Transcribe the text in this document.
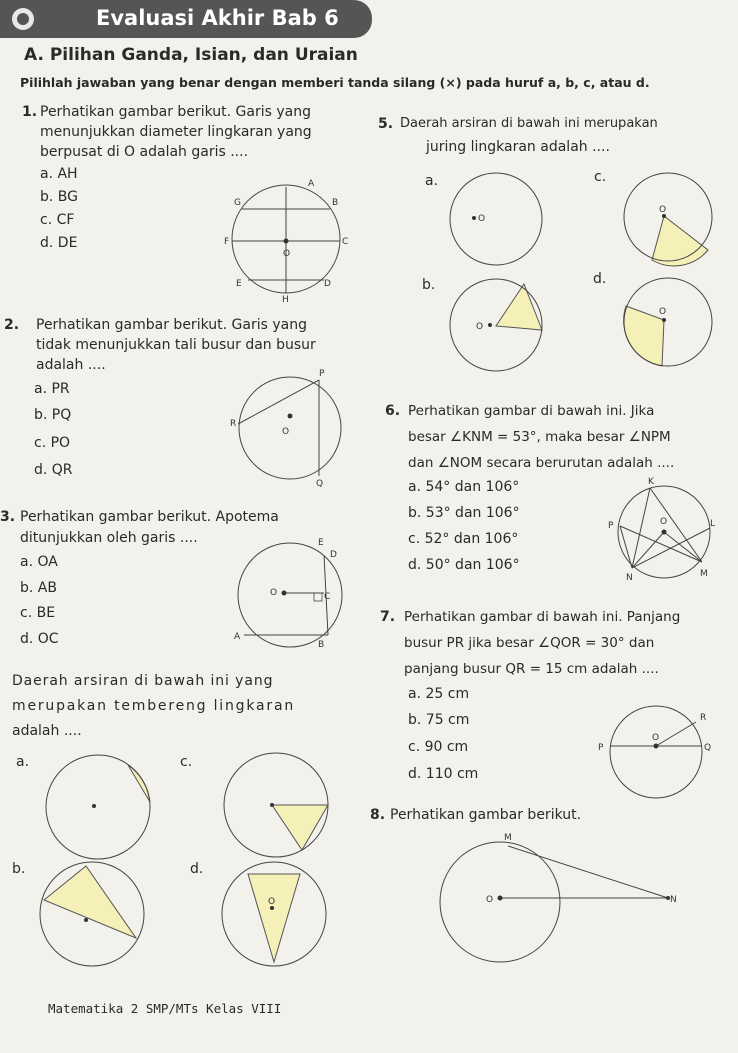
Evaluasi Akhir Bab 6
A. Pilihan Ganda, Isian, dan Uraian
Pilihlah jawaban yang benar dengan memberi tanda silang (×) pada huruf a, b, c, atau d.
1. Perhatikan gambar berikut. Garis yang
menunjukkan diameter lingkaran yang
berpusat di O adalah garis ....
a. AH
b. BG
c. CF
d. DE
A
G	B
F	C
O
E	D
H
2. Perhatikan gambar berikut. Garis yang
tidak menunjukkan tali busur dan busur
adalah ....
a. PR
b. PQ
c. PO
d. QR
P
O
R
Q
3. Perhatikan gambar berikut. Apotema
ditunjukkan oleh garis ....
a. OA
b. AB
c. BE
d. OC
E
D
O	C
A
B
Daerah arsiran di bawah ini yang
merupakan tembereng lingkaran
adalah ....
a.
b.
c.
d.
O
5. Daerah arsiran di bawah ini merupakan
juring lingkaran adalah ....
a.	c.
b.	d.
O
O
O
O
6. Perhatikan gambar di bawah ini. Jika
besar ∠KNM = 53°, maka besar ∠NPM
dan ∠NOM secara berurutan adalah ....
a. 54° dan 106°
b. 53° dan 106°
c. 52° dan 106°
d. 50° dan 106°
K
P	O	L
N	M
7. Perhatikan gambar di bawah ini. Panjang
busur PR jika besar ∠QOR = 30° dan
panjang busur QR = 15 cm adalah ....
a. 25 cm
b. 75 cm
c. 90 cm
d. 110 cm
R
P
O
Q
8. Perhatikan gambar berikut.
M
O	N
Matematika 2 SMP/MTs Kelas VIII
